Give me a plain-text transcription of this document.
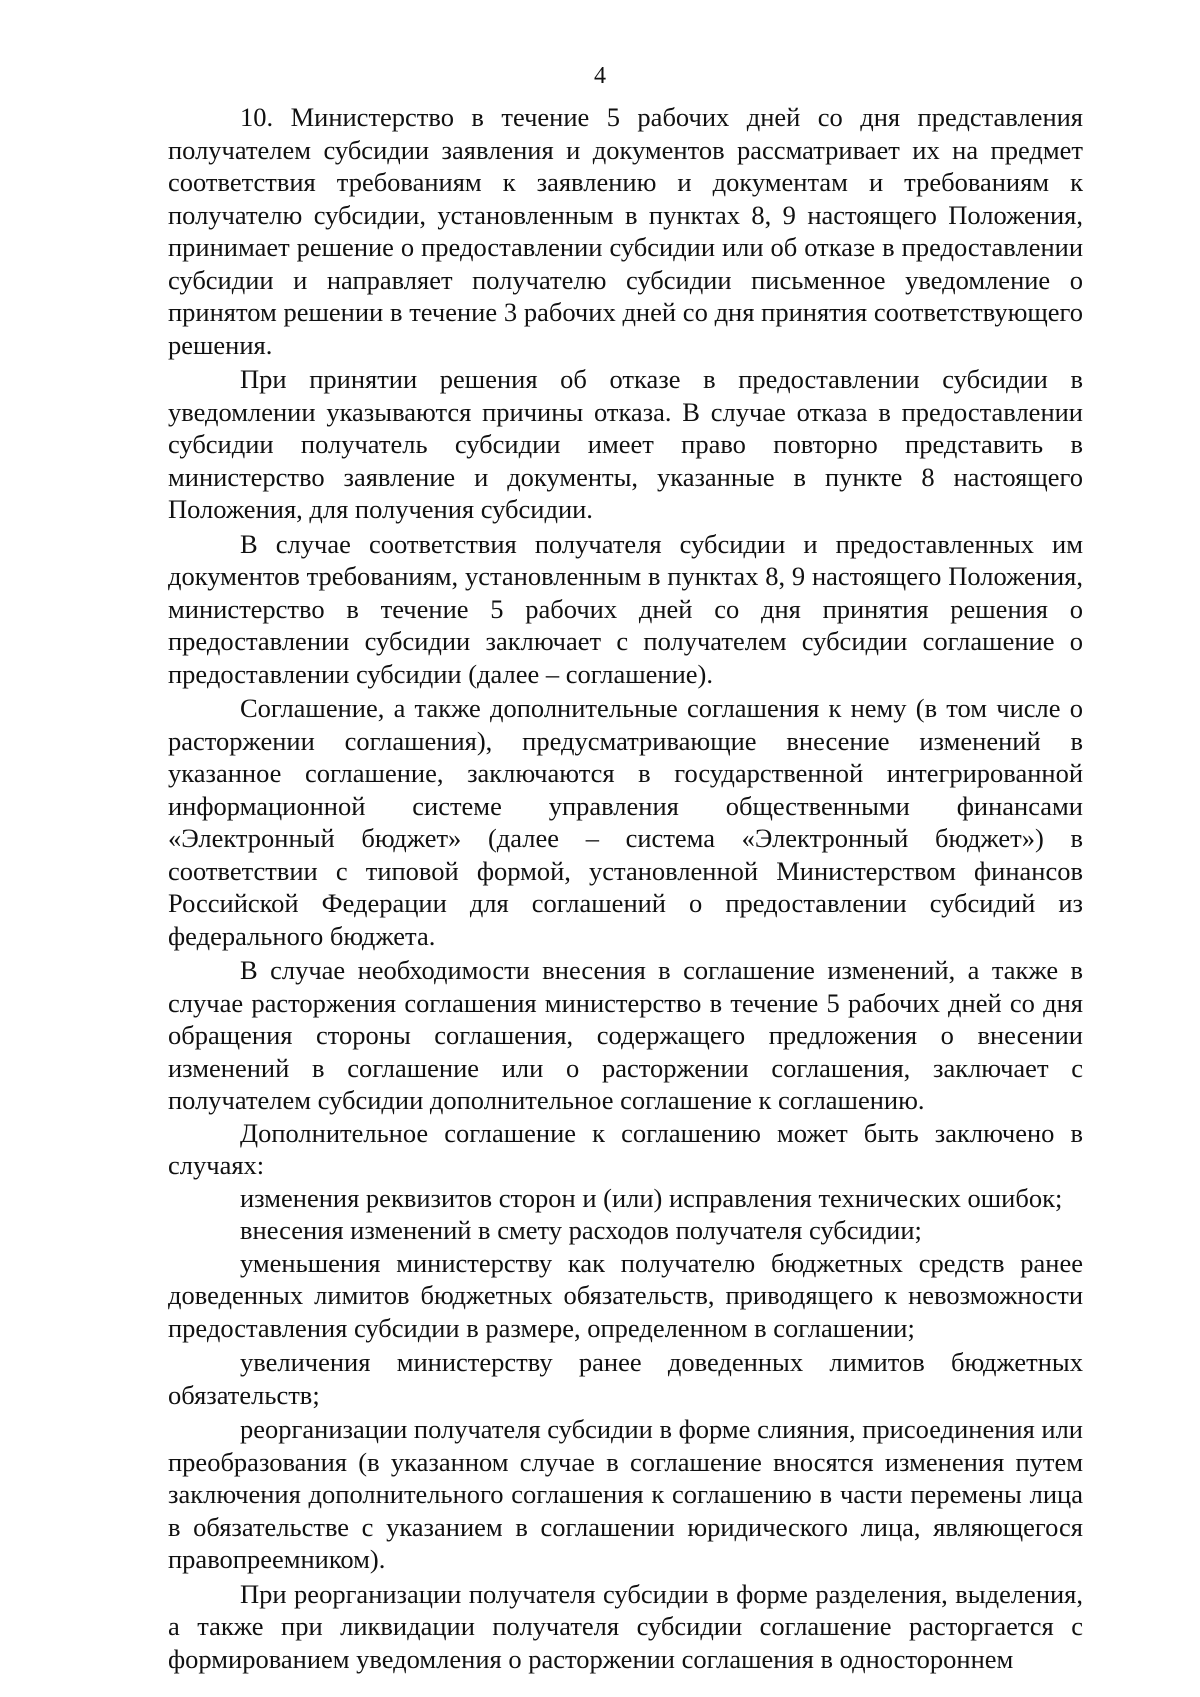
4

10. Министерство в течение 5 рабочих дней со дня представления получателем субсидии заявления и документов рассматривает их на предмет соответствия требованиям к заявлению и документам и требованиям к получателю субсидии, установленным в пунктах 8, 9 настоящего Положения, принимает решение о предоставлении субсидии или об отказе в предоставлении субсидии и направляет получателю субсидии письменное уведомление о принятом решении в течение 3 рабочих дней со дня принятия соответствующего решения.

При принятии решения об отказе в предоставлении субсидии в уведомлении указываются причины отказа. В случае отказа в предоставлении субсидии получатель субсидии имеет право повторно представить в министерство заявление и документы, указанные в пункте 8 настоящего Положения, для получения субсидии.

В случае соответствия получателя субсидии и предоставленных им документов требованиям, установленным в пунктах 8, 9 настоящего Положения, министерство в течение 5 рабочих дней со дня принятия решения о предоставлении субсидии заключает с получателем субсидии соглашение о предоставлении субсидии (далее – соглашение).

Соглашение, а также дополнительные соглашения к нему (в том числе о расторжении соглашения), предусматривающие внесение изменений в указанное соглашение, заключаются в государственной интегрированной информационной системе управления общественными финансами «Электронный бюджет» (далее – система «Электронный бюджет») в соответствии с типовой формой, установленной Министерством финансов Российской Федерации для соглашений о предоставлении субсидий из федерального бюджета.

В случае необходимости внесения в соглашение изменений, а также в случае расторжения соглашения министерство в течение 5 рабочих дней со дня обращения стороны соглашения, содержащего предложения о внесении изменений в соглашение или о расторжении соглашения, заключает с получателем субсидии дополнительное соглашение к соглашению.

Дополнительное соглашение к соглашению может быть заключено в случаях:

изменения реквизитов сторон и (или) исправления технических ошибок;

внесения изменений в смету расходов получателя субсидии;

уменьшения министерству как получателю бюджетных средств ранее доведенных лимитов бюджетных обязательств, приводящего к невозможности предоставления субсидии в размере, определенном в соглашении;

увеличения министерству ранее доведенных лимитов бюджетных обязательств;

реорганизации получателя субсидии в форме слияния, присоединения или преобразования (в указанном случае в соглашение вносятся изменения путем заключения дополнительного соглашения к соглашению в части перемены лица в обязательстве с указанием в соглашении юридического лица, являющегося правопреемником).

При реорганизации получателя субсидии в форме разделения, выделения, а также при ликвидации получателя субсидии соглашение расторгается с формированием уведомления о расторжении соглашения в одностороннем
